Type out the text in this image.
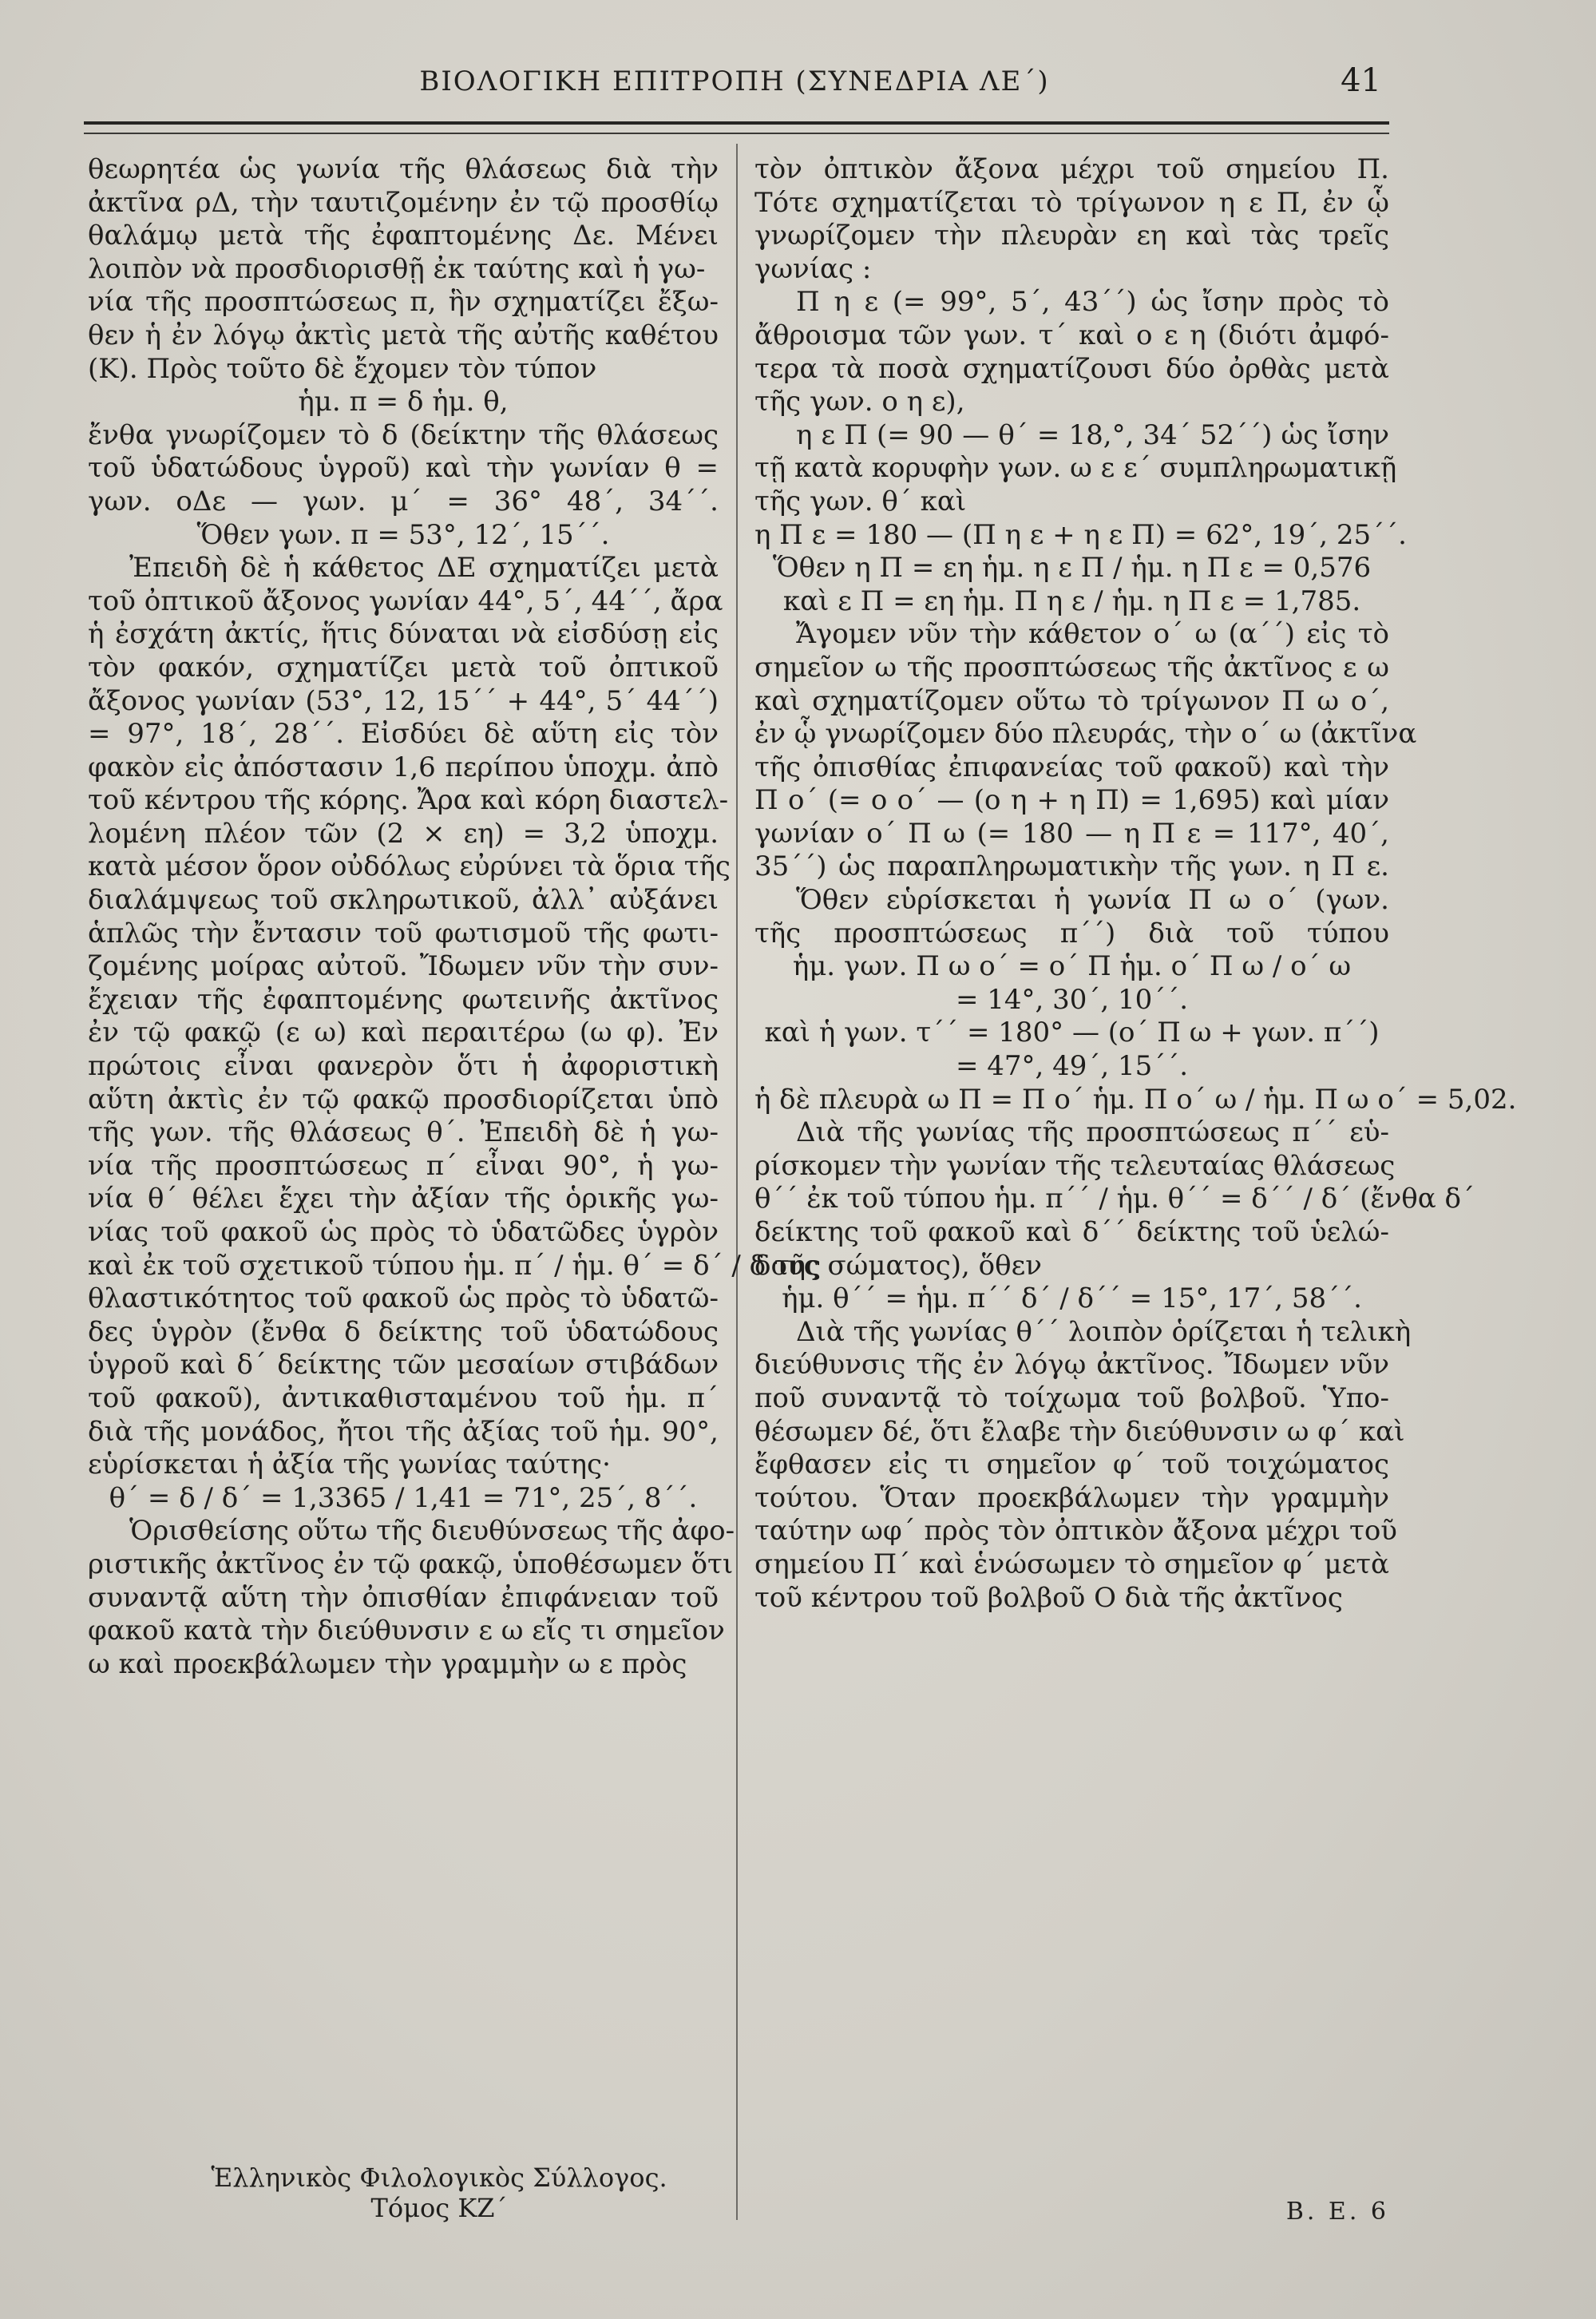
ΒΙΟΛΟΓΙΚΗ ΕΠΙΤΡΟΠΗ (ΣΥΝΕΔΡΙΑ ΛΕ΄)	41
θεωρητέα ὡς γωνία τῆς θλάσεως διὰ τὴν
ἀκτῖνα ρΔ, τὴν ταυτιζομένην ἐν τῷ προσθίῳ
θαλάμῳ μετὰ τῆς ἐφαπτομένης Δε. Μένει
λοιπὸν νὰ προσδιορισθῇ ἐκ ταύτης καὶ ἡ γω-
νία τῆς προσπτώσεως π, ἣν σχηματίζει ἔξω-
θεν ἡ ἐν λόγῳ ἀκτὶς μετὰ τῆς αὐτῆς καθέτου
(Κ). Πρὸς τοῦτο δὲ ἔχομεν τὸν τύπον
ἡμ. π = δ ἡμ. θ,
ἔνθα γνωρίζομεν τὸ δ (δείκτην τῆς θλάσεως
τοῦ ὑδατώδους ὑγροῦ) καὶ τὴν γωνίαν θ =
γων. οΔε — γων. μ΄ = 36° 48΄, 34΄΄.
Ὅθεν γων. π = 53°, 12΄, 15΄΄.
Ἐπειδὴ δὲ ἡ κάθετος ΔΕ σχηματίζει μετὰ
τοῦ ὀπτικοῦ ἄξονος γωνίαν 44°, 5΄, 44΄΄, ἄρα
ἡ ἐσχάτη ἀκτίς, ἥτις δύναται νὰ εἰσδύσῃ εἰς
τὸν φακόν, σχηματίζει μετὰ τοῦ ὀπτικοῦ
ἄξονος γωνίαν (53°, 12, 15΄΄ + 44°, 5΄ 44΄΄)
= 97°, 18΄, 28΄΄. Εἰσδύει δὲ αὕτη εἰς τὸν
φακὸν εἰς ἀπόστασιν 1,6 περίπου ὑποχμ. ἀπὸ
τοῦ κέντρου τῆς κόρης. Ἄρα καὶ κόρη διαστελ-
λομένη πλέον τῶν (2 × εη) = 3,2 ὑποχμ.
κατὰ μέσον ὅρον οὐδόλως εὐρύνει τὰ ὅρια τῆς
διαλάμψεως τοῦ σκληρωτικοῦ, ἀλλ᾽ αὐξάνει
ἁπλῶς τὴν ἔντασιν τοῦ φωτισμοῦ τῆς φωτι-
ζομένης μοίρας αὐτοῦ. Ἴδωμεν νῦν τὴν συν-
ἔχειαν τῆς ἐφαπτομένης φωτεινῆς ἀκτῖνος
ἐν τῷ φακῷ (ε ω) καὶ περαιτέρω (ω φ). Ἐν
πρώτοις εἶναι φανερὸν ὅτι ἡ ἀφοριστικὴ
αὕτη ἀκτὶς ἐν τῷ φακῷ προσδιορίζεται ὑπὸ
τῆς γων. τῆς θλάσεως θ΄. Ἐπειδὴ δὲ ἡ γω-
νία τῆς προσπτώσεως π΄ εἶναι 90°, ἡ γω-
νία θ΄ θέλει ἔχει τὴν ἀξίαν τῆς ὁρικῆς γω-
νίας τοῦ φακοῦ ὡς πρὸς τὸ ὑδατῶδες ὑγρὸν
καὶ ἐκ τοῦ σχετικοῦ τύπου ἡμ. π΄ / ἡμ. θ΄ = δ΄ / δ τῆς
θλαστικότητος τοῦ φακοῦ ὡς πρὸς τὸ ὑδατῶ-
δες ὑγρὸν (ἔνθα δ δείκτης τοῦ ὑδατώδους
ὑγροῦ καὶ δ΄ δείκτης τῶν μεσαίων στιβάδων
τοῦ φακοῦ), ἀντικαθισταμένου τοῦ ἡμ. π΄
διὰ τῆς μονάδος, ἤτοι τῆς ἀξίας τοῦ ἡμ. 90°,
εὑρίσκεται ἡ ἀξία τῆς γωνίας ταύτης·
θ΄ = δ / δ΄ = 1,3365 / 1,41 = 71°, 25΄, 8΄΄.
Ὁρισθείσης οὕτω τῆς διευθύνσεως τῆς ἀφο-
ριστικῆς ἀκτῖνος ἐν τῷ φακῷ, ὑποθέσωμεν ὅτι
συναντᾷ αὕτη τὴν ὀπισθίαν ἐπιφάνειαν τοῦ
φακοῦ κατὰ τὴν διεύθυνσιν ε ω εἴς τι σημεῖον
ω καὶ προεκβάλωμεν τὴν γραμμὴν ω ε πρὸς
τὸν ὀπτικὸν ἄξονα μέχρι τοῦ σημείου Π.
Τότε σχηματίζεται τὸ τρίγωνον η ε Π, ἐν ᾧ
γνωρίζομεν τὴν πλευρὰν εη καὶ τὰς τρεῖς
γωνίας :
Π η ε (= 99°, 5΄, 43΄΄) ὡς ἴσην πρὸς τὸ
ἄθροισμα τῶν γων. τ΄ καὶ ο ε η (διότι ἀμφό-
τερα τὰ ποσὰ σχηματίζουσι δύο ὀρθὰς μετὰ
τῆς γων. ο η ε),
η ε Π (= 90 — θ΄ = 18,°, 34΄ 52΄΄) ὡς ἴσην
τῇ κατὰ κορυφὴν γων. ω ε ε΄ συμπληρωματικῇ
τῆς γων. θ΄ καὶ
η Π ε = 180 — (Π η ε + η ε Π) = 62°, 19΄, 25΄΄.
Ὅθεν η Π = εη ἡμ. η ε Π / ἡμ. η Π ε = 0,576
καὶ ε Π = εη ἡμ. Π η ε / ἡμ. η Π ε = 1,785.
Ἄγομεν νῦν τὴν κάθετον ο΄ ω (α΄΄) εἰς τὸ
σημεῖον ω τῆς προσπτώσεως τῆς ἀκτῖνος ε ω
καὶ σχηματίζομεν οὕτω τὸ τρίγωνον Π ω ο΄,
ἐν ᾧ γνωρίζομεν δύο πλευράς, τὴν ο΄ ω (ἀκτῖνα
τῆς ὀπισθίας ἐπιφανείας τοῦ φακοῦ) καὶ τὴν
Π ο΄ (= ο ο΄ — (ο η + η Π) = 1,695) καὶ μίαν
γωνίαν ο΄ Π ω (= 180 — η Π ε = 117°, 40΄,
35΄΄) ὡς παραπληρωματικὴν τῆς γων. η Π ε.
Ὅθεν εὑρίσκεται ἡ γωνία Π ω ο΄ (γων.
τῆς προσπτώσεως π΄΄) διὰ τοῦ τύπου
ἡμ. γων. Π ω ο΄ = ο΄ Π ἡμ. ο΄ Π ω / ο΄ ω
= 14°, 30΄, 10΄΄.
καὶ ἡ γων. τ΄΄ = 180° — (ο΄ Π ω + γων. π΄΄)
= 47°, 49΄, 15΄΄.
ἡ δὲ πλευρὰ ω Π = Π ο΄ ἡμ. Π ο΄ ω / ἡμ. Π ω ο΄ = 5,02.
Διὰ τῆς γωνίας τῆς προσπτώσεως π΄΄ εὑ-
ρίσκομεν τὴν γωνίαν τῆς τελευταίας θλάσεως
θ΄΄ ἐκ τοῦ τύπου ἡμ. π΄΄ / ἡμ. θ΄΄ = δ΄΄ / δ΄ (ἔνθα δ΄
δείκτης τοῦ φακοῦ καὶ δ΄΄ δείκτης τοῦ ὑελώ-
δους σώματος), ὅθεν
ἡμ. θ΄΄ = ἡμ. π΄΄ δ΄ / δ΄΄ = 15°, 17΄, 58΄΄.
Διὰ τῆς γωνίας θ΄΄ λοιπὸν ὁρίζεται ἡ τελικὴ
διεύθυνσις τῆς ἐν λόγῳ ἀκτῖνος. Ἴδωμεν νῦν
ποῦ συναντᾷ τὸ τοίχωμα τοῦ βολβοῦ. Ὑπο-
θέσωμεν δέ, ὅτι ἔλαβε τὴν διεύθυνσιν ω φ΄ καὶ
ἔφθασεν εἰς τι σημεῖον φ΄ τοῦ τοιχώματος
τούτου. Ὅταν προεκβάλωμεν τὴν γραμμὴν
ταύτην ωφ΄ πρὸς τὸν ὀπτικὸν ἄξονα μέχρι τοῦ
σημείου Π΄ καὶ ἑνώσωμεν τὸ σημεῖον φ΄ μετὰ
τοῦ κέντρου τοῦ βολβοῦ Ο διὰ τῆς ἀκτῖνος
Ἑλληνικὸς Φιλολογικὸς Σύλλογος. Τόμος ΚΖ΄	Β. Ε. 6
